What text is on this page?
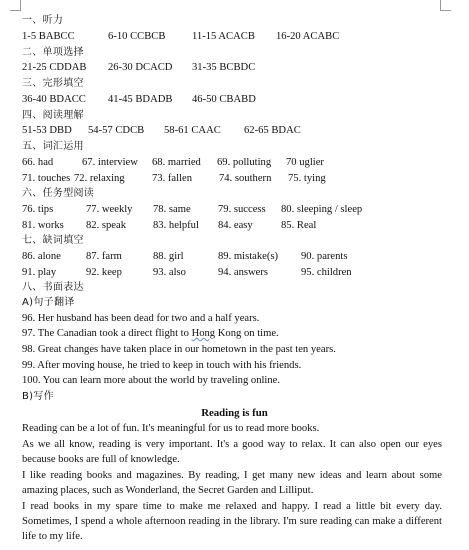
一、听力
1-5 BABCC	6-10 CCBCB	11-15 ACACB 16-20 ACABC
二、单项选择
21-25 CDDAB 26-30 DCACD 31-35 BCBDC
三、完形填空
36-40 BDACC 41-45 BDADB 46-50 CBABD
四、阅读理解
51-53 DBD 54-57 CDCB 58-61 CAAC 62-65 BDAC
五、词汇运用
66. had	67. interview 68. married 69. polluting 70 uglier
71. touches 72. relaxing	73. fallen	74. southern 75. tying
六、任务型阅读
76. tips	77. weekly 78. same	79. success 80. sleeping / sleep
81. works 82. speak	83. helpful 84. easy	85. Real
七、缺词填空
86. alone 87. farm	88. girl	89. mistake(s) 90. parents
91. play	92. keep	93. also	94. answers	95. children
八、书面表达
A)句子翻译
96. Her husband has been dead for two and a half years.
97. The Canadian took a direct flight to Hong Kong on time.
98. Great changes have taken place in our hometown in the past ten years.
99. After moving house, he tried to keep in touch with his friends.
100. You can learn more about the world by traveling online.
B)写作
Reading is fun
Reading can be a lot of fun. It's meaningful for us to read more books.
As we all know, reading is very important. It's a good way to relax. It can also open our eyes because books are full of knowledge.
I like reading books and magazines. By reading, I get many new ideas and learn about some amazing places, such as Wonderland, the Secret Garden and Lilliput.
I read books in my spare time to make me relaxed and happy. I read a little bit every day. Sometimes, I spend a whole afternoon reading in the library. I'm sure reading can make a different life to my life.
